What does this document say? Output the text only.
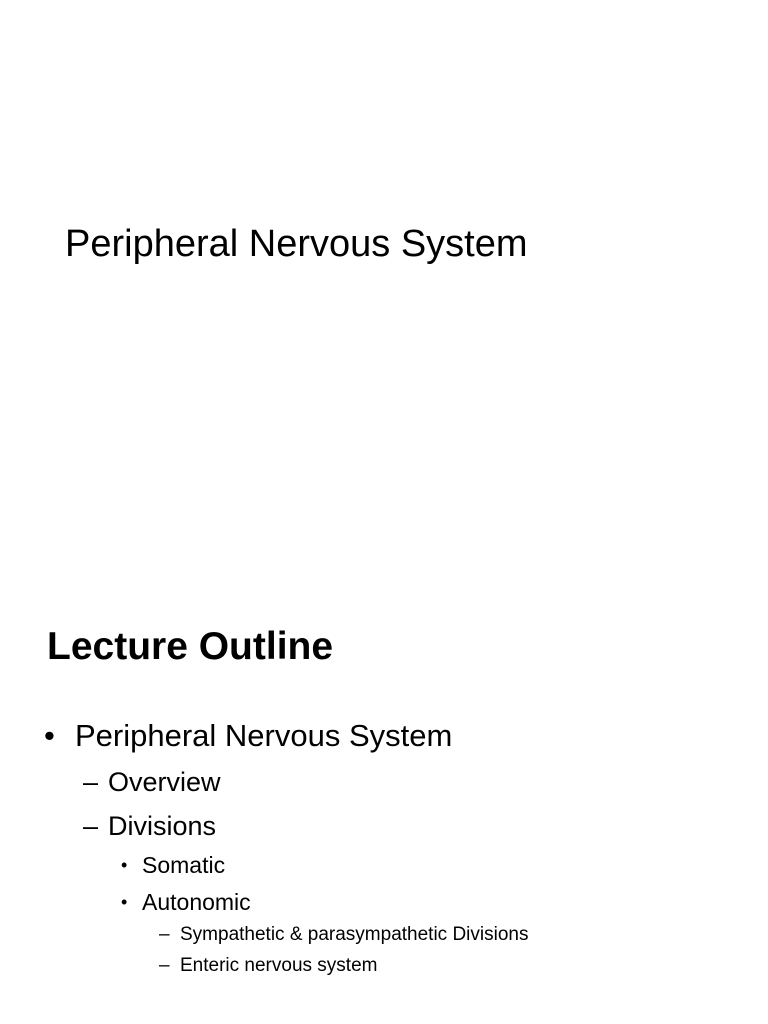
Peripheral Nervous System
Lecture Outline
• Peripheral Nervous System
– Overview
– Divisions
• Somatic
• Autonomic
– Sympathetic & parasympathetic Divisions
– Enteric nervous system
